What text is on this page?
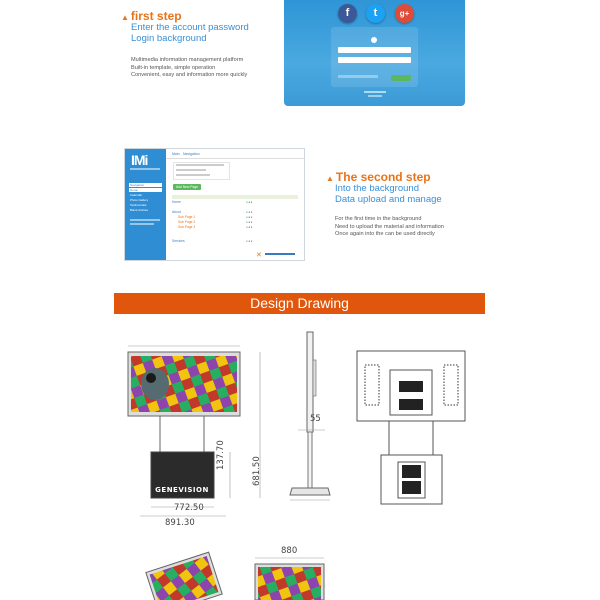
▲ first step
Enter the account password
Login background
Multimedia information management platform
Built-in template, simple operation
Convenient, easy and information more quickly
f	t	g+
IMi
Navigation
Home
Calendar
Photo Gallery
Testimonials
Blank Articles
Main Navigation
Add New Page
Home	●●●
About	●●●
Sub Page 1	●●●
Sub Page 2	●●●
Sub Page 3	●●●
Services	●●●
✕
▲ The second step
Into the background
Data upload and manage
For the first time in the background
Need to upload the material and information
Once again into the can be used directly
Design Drawing
GENEVISION
55
137.70
681.50
772.50
891.30
880
